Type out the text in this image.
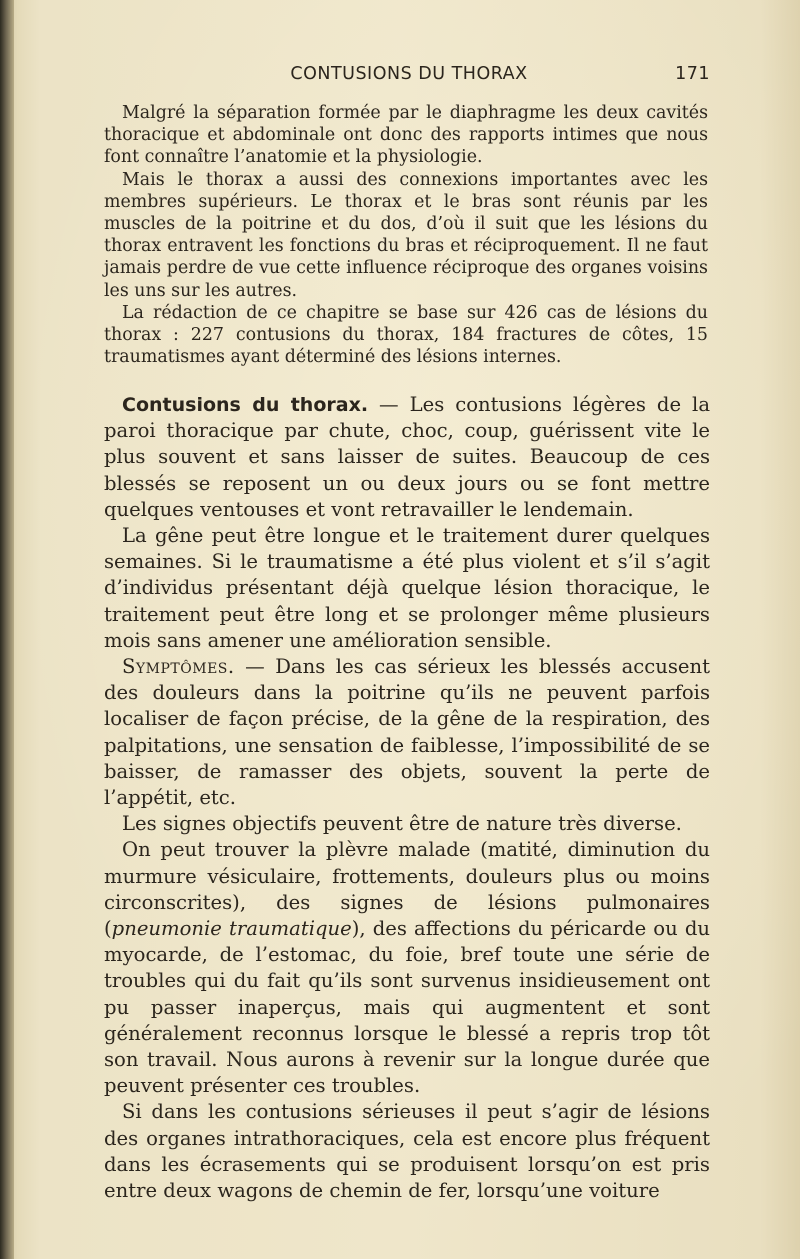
CONTUSIONS DU THORAX	171

Malgré la séparation formée par le diaphragme les deux cavités thoracique et abdominale ont donc des rapports intimes que nous font connaître l’anatomie et la physiologie.

Mais le thorax a aussi des connexions importantes avec les membres supérieurs. Le thorax et le bras sont réunis par les muscles de la poitrine et du dos, d’où il suit que les lésions du thorax entravent les fonctions du bras et réciproquement. Il ne faut jamais perdre de vue cette influence réciproque des organes voisins les uns sur les autres.

La rédaction de ce chapitre se base sur 426 cas de lésions du thorax : 227 contusions du thorax, 184 fractures de côtes, 15 traumatismes ayant déterminé des lésions internes.

Contusions du thorax. — Les contusions légères de la paroi thoracique par chute, choc, coup, guérissent vite le plus souvent et sans laisser de suites. Beaucoup de ces blessés se reposent un ou deux jours ou se font mettre quelques ventouses et vont retravailler le lendemain.

La gêne peut être longue et le traitement durer quelques semaines. Si le traumatisme a été plus violent et s’il s’agit d’individus présentant déjà quelque lésion thoracique, le traitement peut être long et se prolonger même plusieurs mois sans amener une amélioration sensible.

Symptômes. — Dans les cas sérieux les blessés accusent des douleurs dans la poitrine qu’ils ne peuvent parfois localiser de façon précise, de la gêne de la respiration, des palpitations, une sensation de faiblesse, l’impossibilité de se baisser, de ramasser des objets, souvent la perte de l’appétit, etc.

Les signes objectifs peuvent être de nature très diverse.

On peut trouver la plèvre malade (matité, diminution du murmure vésiculaire, frottements, douleurs plus ou moins circonscrites), des signes de lésions pulmonaires (pneumonie traumatique), des affections du péricarde ou du myocarde, de l’estomac, du foie, bref toute une série de troubles qui du fait qu’ils sont survenus insidieusement ont pu passer inaperçus, mais qui augmentent et sont généralement reconnus lorsque le blessé a repris trop tôt son travail. Nous aurons à revenir sur la longue durée que peuvent présenter ces troubles.

Si dans les contusions sérieuses il peut s’agir de lésions des organes intrathoraciques, cela est encore plus fréquent dans les écrasements qui se produisent lorsqu’on est pris entre deux wagons de chemin de fer, lorsqu’une voiture
